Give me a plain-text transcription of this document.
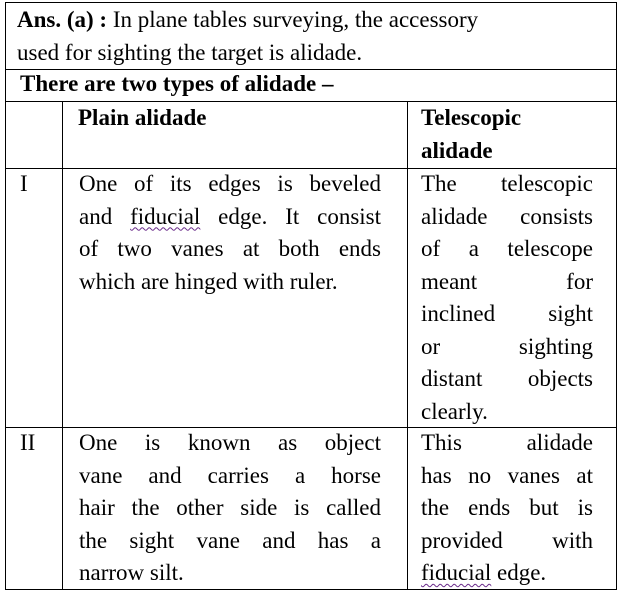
Ans. (a) : In plane tables surveying, the accessory
used for sighting the target is alidade.
There are two types of alidade –
Plain alidade	Telescopic
alidade
I One of its edges is beveled
and fiducial edge. It consist
of two vanes at both ends
which are hinged with ruler.
The telescopic
alidade consists
of a telescope
meant for
inclined sight
or sighting
distant objects
clearly.
II One is known as object
vane and carries a horse
hair the other side is called
the sight vane and has a
narrow silt.
This alidade
has no vanes at
the ends but is
provided with
fiducial edge.
